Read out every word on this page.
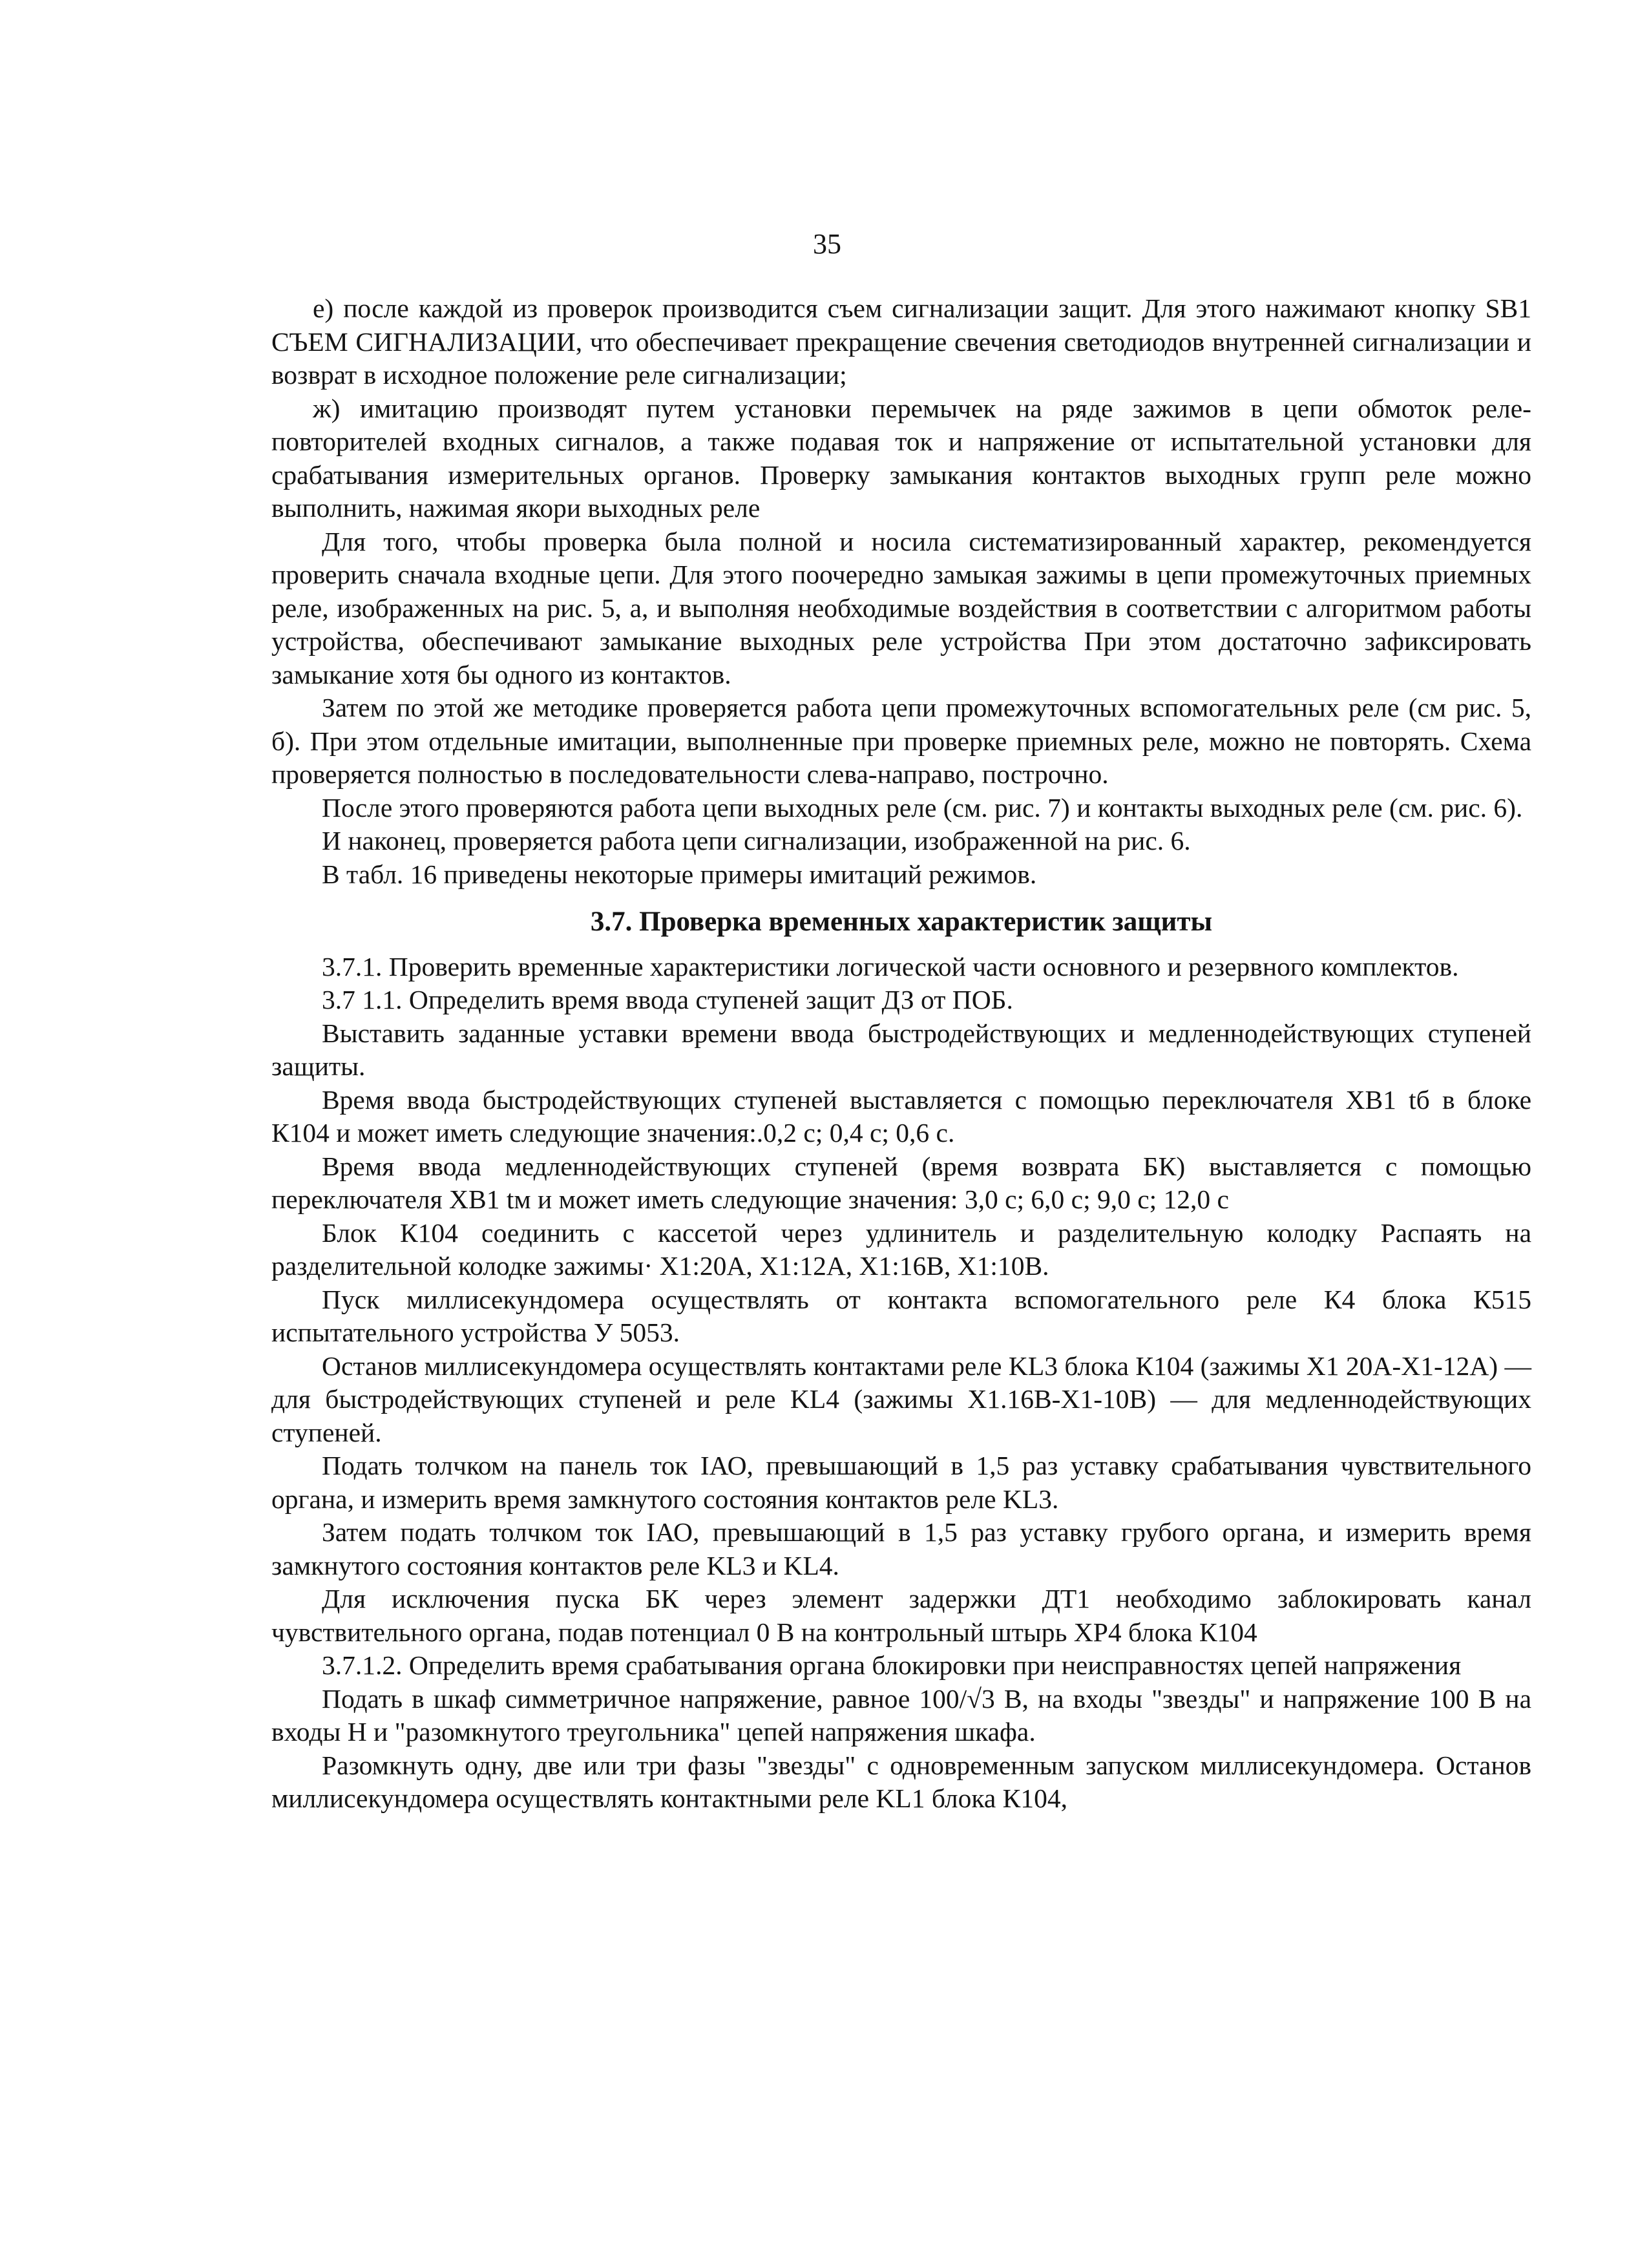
35

е) после каждой из проверок производится съем сигнализации защит. Для этого нажимают кнопку SB1 СЪЕМ СИГНАЛИЗАЦИИ, что обеспечивает прекращение свечения светодиодов внутренней сигнализации и возврат в исходное положение реле сигнализации;

ж) имитацию производят путем установки перемычек на ряде зажимов в цепи обмоток реле-повторителей входных сигналов, а также подавая ток и напряжение от испытательной установки для срабатывания измерительных органов. Проверку замыкания контактов выходных групп реле можно выполнить, нажимая якори выходных реле

Для того, чтобы проверка была полной и носила систематизированный характер, рекомендуется проверить сначала входные цепи. Для этого поочередно замыкая зажимы в цепи промежуточных приемных реле, изображенных на рис. 5, а, и выполняя необходимые воздействия в соответствии с алгоритмом работы устройства, обеспечивают замыкание выходных реле устройства При этом достаточно зафиксировать замыкание хотя бы одного из контактов.

Затем по этой же методике проверяется работа цепи промежуточных вспомогательных реле (см рис. 5, б). При этом отдельные имитации, выполненные при проверке приемных реле, можно не повторять. Схема проверяется полностью в последовательности слева-направо, построчно.

После этого проверяются работа цепи выходных реле (см. рис. 7) и контакты выходных реле (см. рис. 6).

И наконец, проверяется работа цепи сигнализации, изображенной на рис. 6.

В табл. 16 приведены некоторые примеры имитаций режимов.

3.7. Проверка временных характеристик защиты

3.7.1. Проверить временные характеристики логической части основного и резервного комплектов.

3.7 1.1. Определить время ввода ступеней защит ДЗ от ПОБ.

Выставить заданные уставки времени ввода быстродействующих и медленнодействующих ступеней защиты.

Время ввода быстродействующих ступеней выставляется с помощью переключателя ХВ1 tб в блоке К104 и может иметь следующие значения:.0,2 с; 0,4 с; 0,6 с.

Время ввода медленнодействующих ступеней (время возврата БК) выставляется с помощью переключателя ХВ1 tм и может иметь следующие значения: 3,0 с; 6,0 с; 9,0 с; 12,0 с

Блок К104 соединить с кассетой через удлинитель и разделительную колодку Распаять на разделительной колодке зажимы· Х1:20А, Х1:12А, Х1:16В, Х1:10В.

Пуск миллисекундомера осуществлять от контакта вспомогательного реле К4 блока К515 испытательного устройства У 5053.

Останов миллисекундомера осуществлять контактами реле KL3 блока К104 (зажимы Х1 20А-Х1-12А) — для быстродействующих ступеней и реле KL4 (зажимы Х1.16В-Х1-10В) — для медленнодействующих ступеней.

Подать толчком на панель ток IАО, превышающий в 1,5 раз уставку срабатывания чувствительного органа, и измерить время замкнутого состояния контактов реле KL3.

Затем подать толчком ток IАО, превышающий в 1,5 раз уставку грубого органа, и измерить время замкнутого состояния контактов реле KL3 и KL4.

Для исключения пуска БК через элемент задержки ДТ1 необходимо заблокировать канал чувствительного органа, подав потенциал 0 В на контрольный штырь ХР4 блока К104

3.7.1.2. Определить время срабатывания органа блокировки при неисправностях цепей напряжения

Подать в шкаф симметричное напряжение, равное 100/√3 В, на входы "звезды" и напряжение 100 В на входы Н и "разомкнутого треугольника" цепей напряжения шкафа.

Разомкнуть одну, две или три фазы "звезды" с одновременным запуском миллисекундомера. Останов миллисекундомера осуществлять контактными реле KL1 блока К104,
